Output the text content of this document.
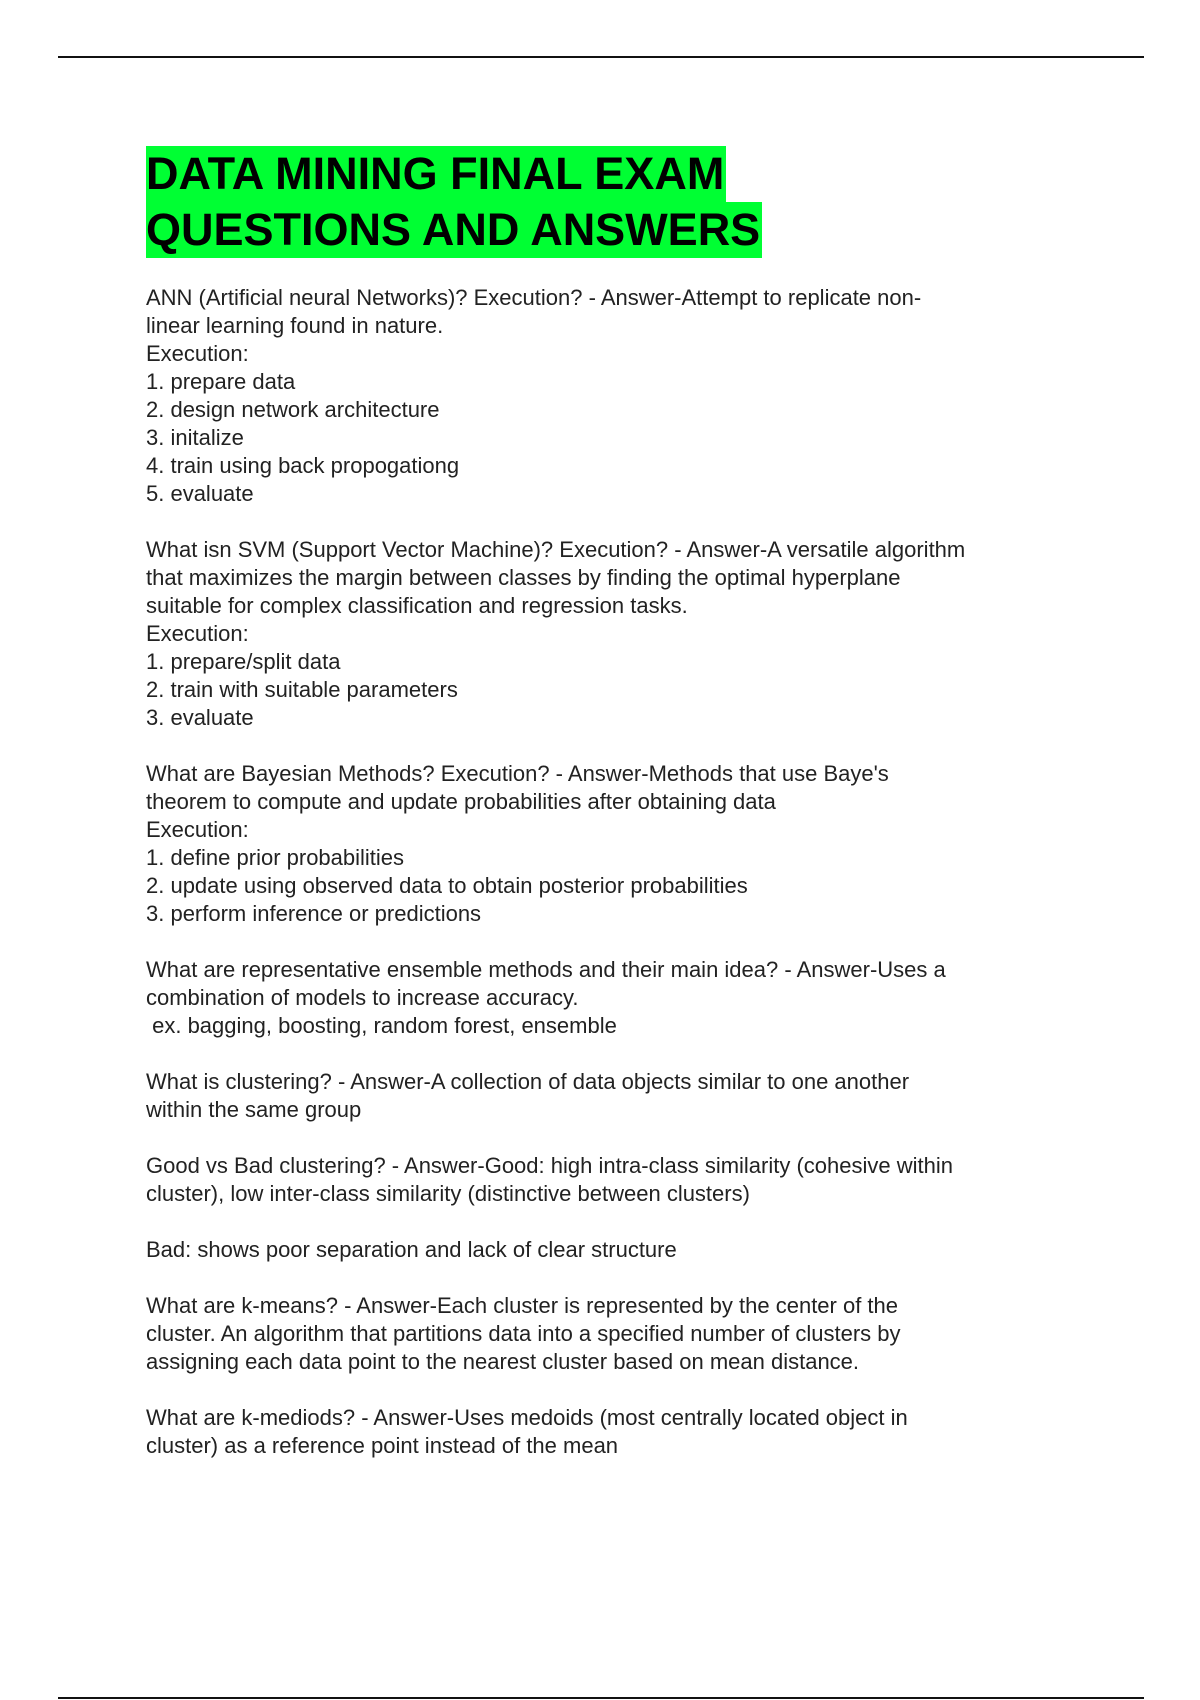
DATA MINING FINAL EXAM
QUESTIONS AND ANSWERS

ANN (Artificial neural Networks)? Execution? - Answer-Attempt to replicate non-
linear learning found in nature.
Execution:
1. prepare data
2. design network architecture
3. initalize
4. train using back propogationg
5. evaluate

What isn SVM (Support Vector Machine)? Execution? - Answer-A versatile algorithm
that maximizes the margin between classes by finding the optimal hyperplane
suitable for complex classification and regression tasks.
Execution:
1. prepare/split data
2. train with suitable parameters
3. evaluate

What are Bayesian Methods? Execution? - Answer-Methods that use Baye's
theorem to compute and update probabilities after obtaining data
Execution:
1. define prior probabilities
2. update using observed data to obtain posterior probabilities
3. perform inference or predictions

What are representative ensemble methods and their main idea? - Answer-Uses a
combination of models to increase accuracy.
ex. bagging, boosting, random forest, ensemble

What is clustering? - Answer-A collection of data objects similar to one another
within the same group

Good vs Bad clustering? - Answer-Good: high intra-class similarity (cohesive within
cluster), low inter-class similarity (distinctive between clusters)

Bad: shows poor separation and lack of clear structure

What are k-means? - Answer-Each cluster is represented by the center of the
cluster. An algorithm that partitions data into a specified number of clusters by
assigning each data point to the nearest cluster based on mean distance.

What are k-mediods? - Answer-Uses medoids (most centrally located object in
cluster) as a reference point instead of the mean
